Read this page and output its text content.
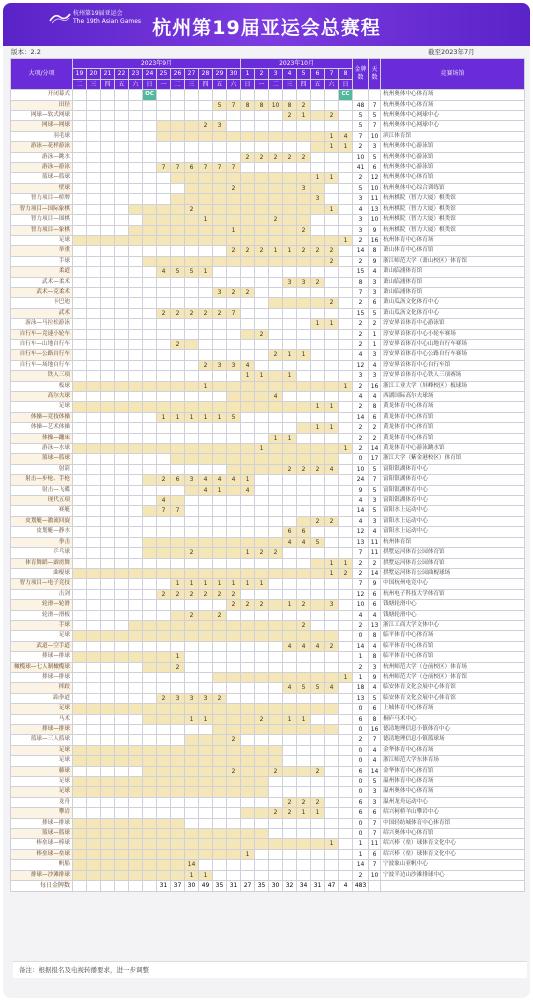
杭州第19届亚运会
The 19th Asian Games 杭州第19届亚运会总赛程
版本：2.2	截至2023年7月
大项/分项	2023年9月												2023年10月								金牌数	天数	竞赛场馆
	19	20	21	22	23	24	25	26	27	28	29	30	1	2	3	4	5	6	7	8			
	二	三	四	五	六	日	一	二	三	四	五	六	日	一	二	三	四	五	六	日			
开闭幕式						OC														CC			杭州奥体中心体育场
田径											5	7	8	8	10	8	2				48	7	杭州奥体中心体育场
网球—软式网球																2	1		2		5	5	杭州奥体中心网球中心
网球—网球										2	3										5	7	杭州奥体中心网球中心
羽毛球																			1	4	7	10	滨江体育馆
游泳—花样游泳																			1	1	2	3	杭州奥体中心游泳馆
游泳—跳水													2	2	2	2	2				10	5	杭州奥体中心游泳馆
游泳—游泳							7	7	6	7	7	7									41	6	杭州奥体中心游泳馆
篮球—篮球																		1	1		2	12	杭州奥体中心体育馆
壁球												2					3				5	10	杭州奥体中心综合训练馆
智力项目—桥牌																		3			3	11	杭州棋院（智力大厦）棋类馆
智力项目—国际象棋									2										1		4	13	杭州棋院（智力大厦）棋类馆
智力项目—围棋										1					2						3	10	杭州棋院（智力大厦）棋类馆
智力项目—象棋												1					2				3	9	杭州棋院（智力大厦）棋类馆
足球																				1	2	16	杭州体育中心体育场
举重												2	2	2	1	1	2	2	2		14	8	萧山体育中心体育馆
手球																			2		2	9	浙江师范大学（萧山校区）体育馆
柔道							4	5	5	1											15	4	萧山临浦体育馆
武术—柔术																3	3	2			8	3	萧山临浦体育馆
武术—克柔术											3	2	2								7	3	萧山临浦体育馆
卡巴迪																			2		2	6	萧山瓜沥文化体育中心
武术							2	2	2	2	2	7									15	5	萧山瓜沥文化体育中心
游泳—马拉松游泳																		1	1		2	2	淳安界首体育中心游泳馆
自行车—竞速小轮车														2							2	1	淳安界首体育中心小轮车赛场
自行车—山地自行车								2													2	1	淳安界首体育中心山地自行车赛场
自行车—公路自行车															2	1	1				4	3	淳安界首体育中心公路自行车赛场
自行车—场地自行车										2	3	3	4								12	4	淳安界首体育中心自行车馆
铁人三项													1	1		1					3	3	淳安界首体育中心铁人三项赛场
板球										1										1	2	16	浙江工业大学（屏峰校区）板球场
高尔夫球															4						4	4	西湖国际高尔夫球场
足球																		1	1		2	8	黄龙体育中心体育场
体操—竞技体操							1	1	1	1	1	5									14	6	黄龙体育中心体育馆
体操—艺术体操																		1	1		2	2	黄龙体育中心体育馆
体操—蹦床															1	1					2	2	黄龙体育中心体育馆
游泳—水球														1						1	2	14	黄龙体育中心游泳跳水馆
篮球—篮球																					0	17	浙江大学（紫金港校区）体育馆
射箭																2	2	2	4		10	5	富阳银湖体育中心
射击—步枪、手枪							2	6	3	4	4	4	1								24	7	富阳银湖体育中心
射击—飞碟										4	1		4								9	5	富阳银湖体育中心
现代五项							4														4	3	富阳银湖体育中心
赛艇							7	7													14	5	富阳水上运动中心
皮划艇—激流回旋																		2	2		4	3	富阳水上运动中心
皮划艇—静水																6	6				12	4	富阳水上运动中心
拳击																4	4	5			13	11	杭州体育馆
乒乓球									2				1	2	2						7	11	拱墅运河体育公园体育馆
体育舞蹈—霹雳舞																			1	1	2	2	拱墅运河体育公园体育馆
曲棍球																			1	2	2	14	拱墅运河体育公园曲棍球场
智力项目—电子竞技								1	1	1	1	1	1	1							7	9	中国杭州电竞中心
击剑							2	2	2	2	2	2									12	6	杭州电子科技大学体育馆
轮滑—轮滑												2	2	2		1	2		3		10	6	钱塘轮滑中心
轮滑—滑板									2		2										4	4	钱塘轮滑中心
手球																	2				2	13	浙江工商大学文体中心
足球																					0	8	临平体育中心体育场
武道—空手道																4	4	4	2		14	4	临平体育中心体育馆
排球—排球								1													1	8	临平体育中心体育馆
橄榄球—七人制橄榄球								2													2	3	杭州师范大学（仓前校区）体育场
排球—排球																				1	1	9	杭州师范大学（仓前校区）体育馆
摔跤																4	5	5	4		18	4	临安体育文化会展中心体育馆
跆拳道							2	3	3	3	2										13	5	临安体育文化会展中心体育馆
足球																					0	6	上城体育中心体育场
马术									1	1				2		1	1				6	8	桐庐马术中心
排球—排球																					0	16	德清地理信息小镇体育中心
篮球—三人篮球												2									2	7	德清地理信息小镇篮球场
足球																					0	4	金华体育中心体育场
足球																					0	4	浙江师范大学东体育场
藤球												2			2			2			6	14	金华体育中心体育馆
足球																					0	5	温州体育中心体育场
足球																					0	3	温州奥体中心体育场
龙舟																2	2	2			6	3	温州龙舟运动中心
攀岩															2	2	1	1			6	6	绍兴柯桥羊山攀岩中心
排球—排球																					0	7	中国轻纺城体育中心体育馆
篮球—篮球																					0	7	绍兴奥体中心体育馆
棒垒球—棒球																			1		1	11	绍兴棒（垒）球体育文化中心
棒垒球—垒球													1								1	6	绍兴棒（垒）球体育文化中心
帆船									14												14	7	宁波象山亚帆中心
排球—沙滩排球									1	1											2	10	宁波半边山沙滩排球中心
每日金牌数							31	37	30	49	35	31	27	35	30	32	34	31	47	4	483		
备注：根据报名及电视转播要求，进一步调整
